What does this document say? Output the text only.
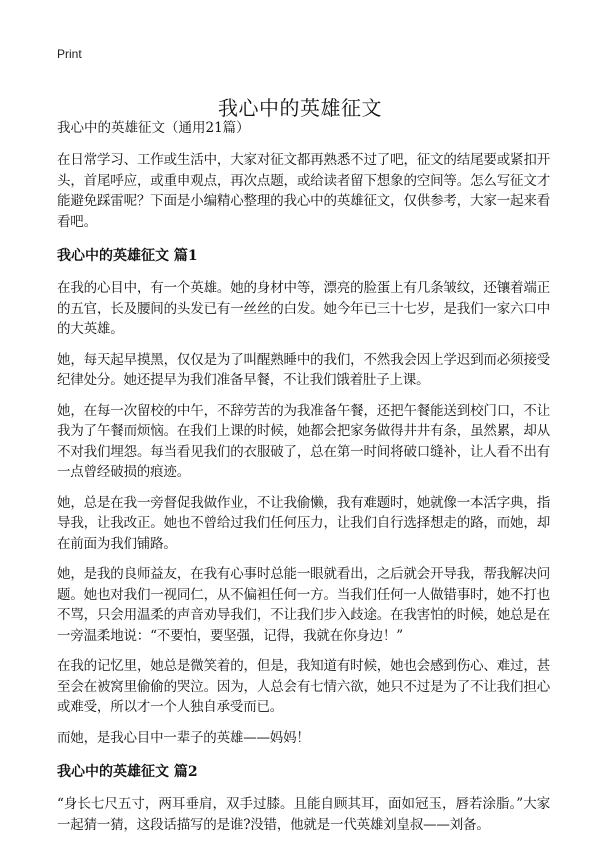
Print
我心中的英雄征文

我心中的英雄征文（通用21篇）

在日常学习、工作或生活中，大家对征文都再熟悉不过了吧，征文的结尾要或紧扣开头，首尾呼应，或重申观点，再次点题，或给读者留下想象的空间等。怎么写征文才能避免踩雷呢？下面是小编精心整理的我心中的英雄征文，仅供参考，大家一起来看看吧。

我心中的英雄征文 篇1

在我的心目中，有一个英雄。她的身材中等，漂亮的脸蛋上有几条皱纹，还镶着端正的五官，长及腰间的头发已有一丝丝的白发。她今年已三十七岁，是我们一家六口中的大英雄。

她，每天起早摸黑，仅仅是为了叫醒熟睡中的我们，不然我会因上学迟到而必须接受纪律处分。她还提早为我们准备早餐，不让我们饿着肚子上课。

她，在每一次留校的中午，不辞劳苦的为我准备午餐，还把午餐能送到校门口，不让我为了午餐而烦恼。在我们上课的时候，她都会把家务做得井井有条，虽然累，却从不对我们埋怨。每当看见我们的衣服破了，总在第一时间将破口缝补，让人看不出有一点曾经破损的痕迹。

她，总是在我一旁督促我做作业，不让我偷懒，我有难题时，她就像一本活字典，指导我，让我改正。她也不曾给过我们任何压力，让我们自行选择想走的路，而她，却在前面为我们铺路。

她，是我的良师益友，在我有心事时总能一眼就看出，之后就会开导我，帮我解决问题。她也对我们一视同仁，从不偏袒任何一方。当我们任何一人做错事时，她不打也不骂，只会用温柔的声音劝导我们，不让我们步入歧途。在我害怕的时候，她总是在一旁温柔地说：“不要怕，要坚强，记得，我就在你身边！”

在我的记忆里，她总是微笑着的，但是，我知道有时候，她也会感到伤心、难过，甚至会在被窝里偷偷的哭泣。因为，人总会有七情六欲，她只不过是为了不让我们担心或难受，所以才一个人独自承受而已。

而她，是我心目中一辈子的英雄——妈妈！

我心中的英雄征文 篇2

“身长七尺五寸，两耳垂肩，双手过膝。且能自顾其耳，面如冠玉，唇若涂脂。”大家一起猜一猜，这段话描写的是谁?没错，他就是一代英雄刘皇叔——刘备。
